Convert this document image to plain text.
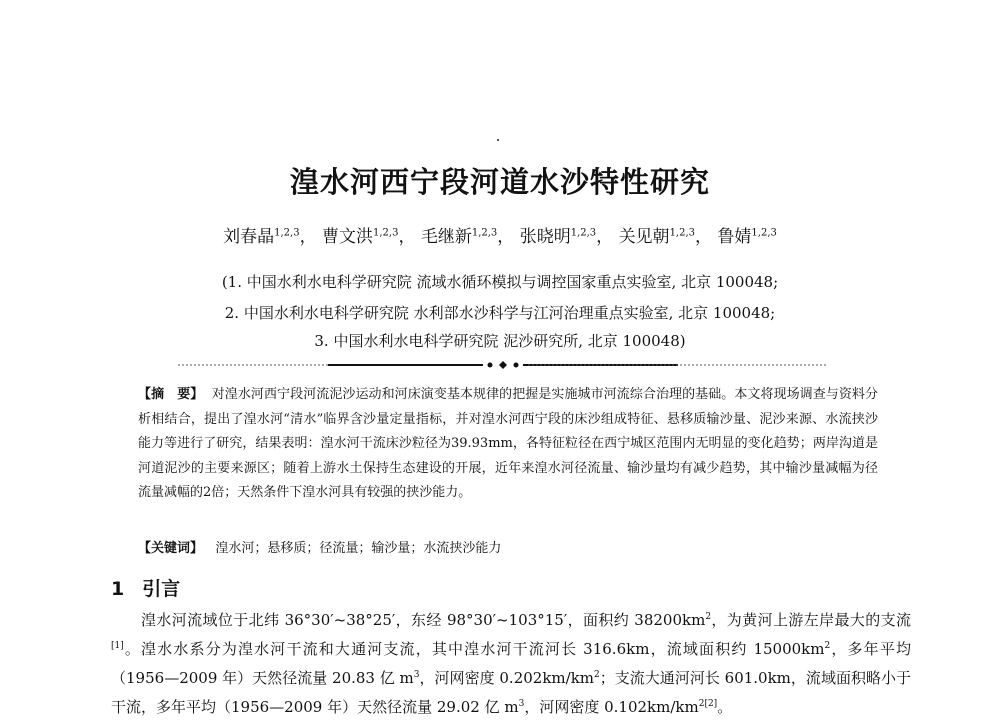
湟水河西宁段河道水沙特性研究
刘春晶$^{1,2,3}$， 曹文洪$^{1,2,3}$， 毛继新$^{1,2,3}$， 张晓明$^{1,2,3}$， 关见朝$^{1,2,3}$， 鲁婧$^{1,2,3}$
(1. 中国水利水电科学研究院 流域水循环模拟与调控国家重点实验室, 北京 100048;
2. 中国水利水电科学研究院 水利部水沙科学与江河治理重点实验室, 北京 100048;
3. 中国水利水电科学研究院 泥沙研究所, 北京 100048)

【摘　要】 对湟水河西宁段河流泥沙运动和河床演变基本规律的把握是实施城市河流综合治理的基础。本文将现场调查与资料分析相结合，提出了湟水河“清水”临界含沙量定量指标，并对湟水河西宁段的床沙组成特征、悬移质输沙量、泥沙来源、水流挟沙能力等进行了研究，结果表明：湟水河干流床沙粒径为39.93mm，各特征粒径在西宁城区范围内无明显的变化趋势；两岸沟道是河道泥沙的主要来源区；随着上游水土保持生态建设的开展，近年来湟水河径流量、输沙量均有减少趋势，其中输沙量减幅为径流量减幅的2倍；天然条件下湟水河具有较强的挟沙能力。

【关键词】 湟水河；悬移质；径流量；输沙量；水流挟沙能力
1 引言

湟水河流域位于北纬 36°30′~38°25′，东经 98°30′~103°15′，面积约 $38200km^2$，为黄河上游左岸最大的支流[1]。湟水水系分为湟水河干流和大通河支流，其中湟水河干流河长 316.6km，流域面积约 $15000km^2$，多年平均（1956—2009 年）天然径流量 20.83 亿 $m^3$，河网密度 $0.202km/km^2$；支流大通河河长 601.0km，流域面积略小于干流，多年平均（1956—2009 年）天然径流量 29.02 亿 $m^3$，河网密度 $0.102km/km^{2[2]}$。
